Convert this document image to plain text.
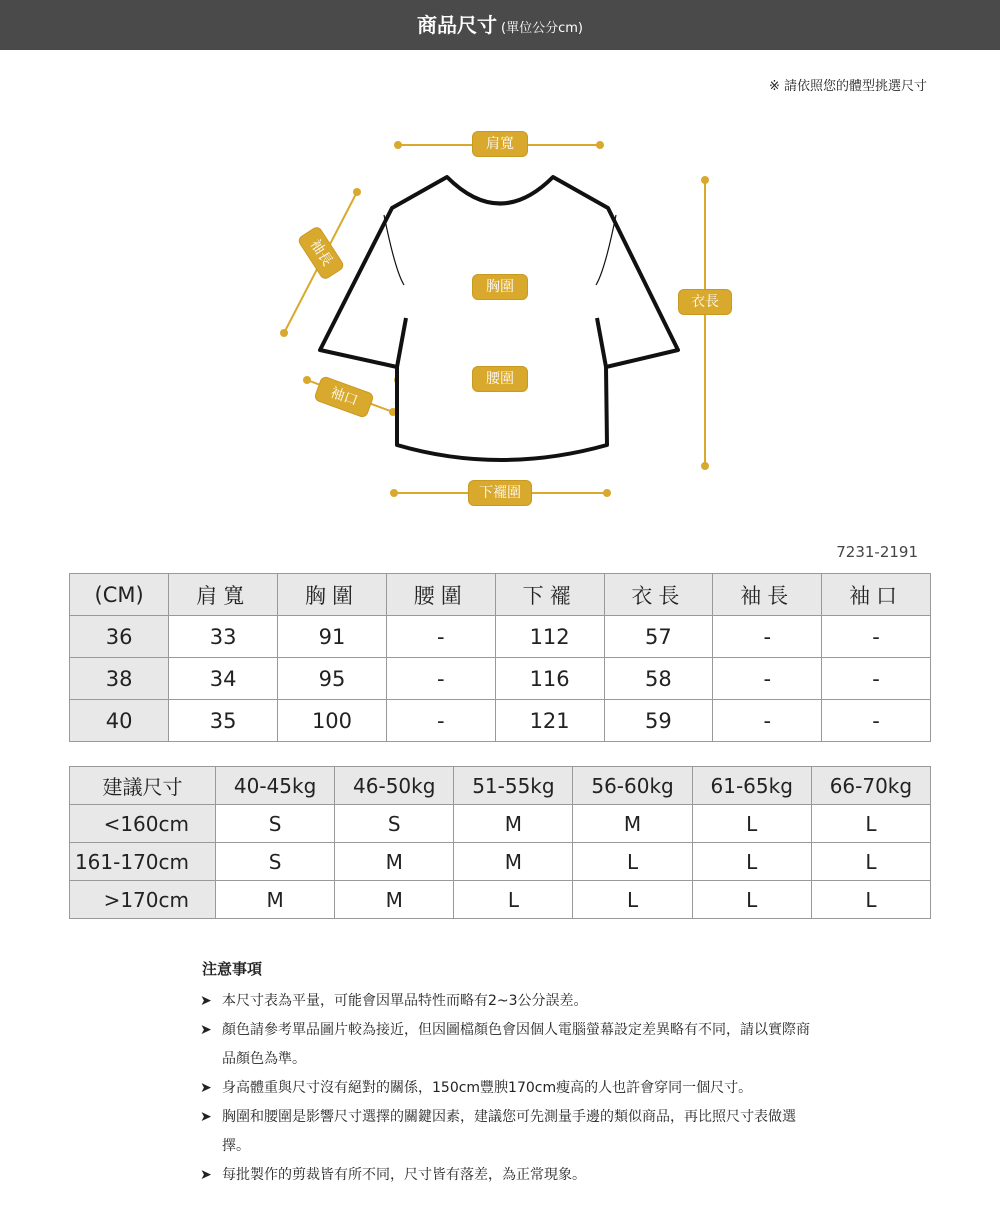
商品尺寸 (單位公分cm)
※ 請依照您的體型挑選尺寸
肩寬
袖長
胸圍
衣長
腰圍
袖口
下襬圍
7231-2191
(CM)	肩寬	胸圍	腰圍	下襬	衣長	袖長	袖口
36	33	91	-	112	57	-	-
38	34	95	-	116	58	-	-
40	35	100	-	121	59	-	-
建議尺寸	40-45kg	46-50kg	51-55kg	56-60kg	61-65kg	66-70kg
<160cm	S	S	M	M	L	L
161-170cm	S	M	M	L	L	L
>170cm	M	M	L	L	L	L
注意事項
➤ 本尺寸表為平量，可能會因單品特性而略有2~3公分誤差。
➤ 顏色請參考單品圖片較為接近，但因圖檔顏色會因個人電腦螢幕設定差異略有不同，請以實際商品顏色為準。
➤ 身高體重與尺寸沒有絕對的關係，150cm豐腴170cm瘦高的人也許會穿同一個尺寸。
➤ 胸圍和腰圍是影響尺寸選擇的關鍵因素，建議您可先測量手邊的類似商品，再比照尺寸表做選擇。
➤ 每批製作的剪裁皆有所不同，尺寸皆有落差，為正常現象。
